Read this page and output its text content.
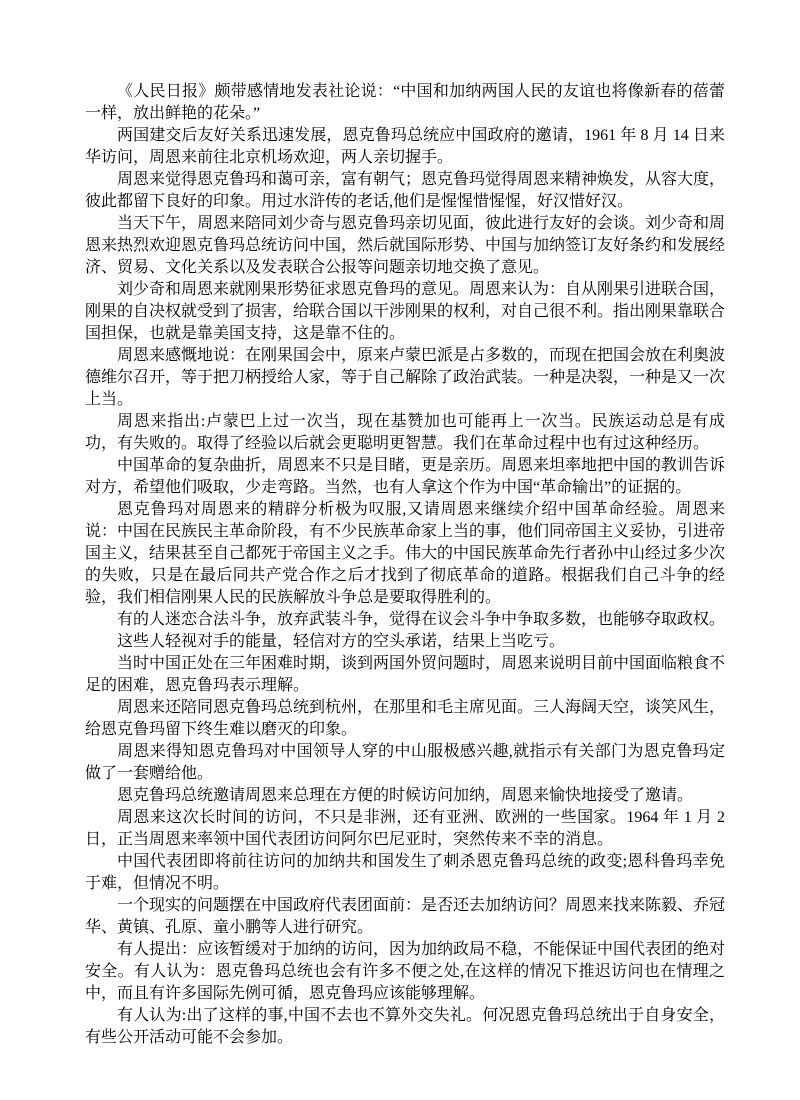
《人民日报》颇带感情地发表社论说：“中国和加纳两国人民的友谊也将像新春的蓓蕾一样，放出鲜艳的花朵。”

两国建交后友好关系迅速发展，恩克鲁玛总统应中国政府的邀请，1961 年 8 月 14 日来华访问，周恩来前往北京机场欢迎，两人亲切握手。

周恩来觉得恩克鲁玛和蔼可亲，富有朝气；恩克鲁玛觉得周恩来精神焕发，从容大度，彼此都留下良好的印象。用过水浒传的老话,他们是惺惺惜惺惺，好汉惜好汉。

当天下午，周恩来陪同刘少奇与恩克鲁玛亲切见面，彼此进行友好的会谈。刘少奇和周恩来热烈欢迎恩克鲁玛总统访问中国，然后就国际形势、中国与加纳签订友好条约和发展经济、贸易、文化关系以及发表联合公报等问题亲切地交换了意见。

刘少奇和周恩来就刚果形势征求恩克鲁玛的意见。周恩来认为：自从刚果引进联合国，刚果的自决权就受到了损害，给联合国以干涉刚果的权利，对自己很不利。指出刚果靠联合国担保，也就是靠美国支持，这是靠不住的。

周恩来感慨地说：在刚果国会中，原来卢蒙巴派是占多数的，而现在把国会放在利奥波德维尔召开，等于把刀柄授给人家，等于自己解除了政治武装。一种是决裂，一种是又一次上当。

周恩来指出:卢蒙巴上过一次当，现在基赞加也可能再上一次当。民族运动总是有成功，有失败的。取得了经验以后就会更聪明更智慧。我们在革命过程中也有过这种经历。

中国革命的复杂曲折，周恩来不只是目睹，更是亲历。周恩来坦率地把中国的教训告诉对方，希望他们吸取，少走弯路。当然，也有人拿这个作为中国“革命输出”的证据的。

恩克鲁玛对周恩来的精辟分析极为叹服,又请周恩来继续介绍中国革命经验。周恩来说：中国在民族民主革命阶段，有不少民族革命家上当的事，他们同帝国主义妥协，引进帝国主义，结果甚至自己都死于帝国主义之手。伟大的中国民族革命先行者孙中山经过多少次的失败，只是在最后同共产党合作之后才找到了彻底革命的道路。根据我们自己斗争的经验，我们相信刚果人民的民族解放斗争总是要取得胜利的。

有的人迷恋合法斗争，放弃武装斗争，觉得在议会斗争中争取多数，也能够夺取政权。

这些人轻视对手的能量，轻信对方的空头承诺，结果上当吃亏。

当时中国正处在三年困难时期，谈到两国外贸问题时，周恩来说明目前中国面临粮食不足的困难，恩克鲁玛表示理解。

周恩来还陪同恩克鲁玛总统到杭州，在那里和毛主席见面。三人海阔天空，谈笑风生，给恩克鲁玛留下终生难以磨灭的印象。

周恩来得知恩克鲁玛对中国领导人穿的中山服极感兴趣,就指示有关部门为恩克鲁玛定做了一套赠给他。

恩克鲁玛总统邀请周恩来总理在方便的时候访问加纳，周恩来愉快地接受了邀请。

周恩来这次长时间的访问，不只是非洲，还有亚洲、欧洲的一些国家。1964 年 1 月 2 日，正当周恩来率领中国代表团访问阿尔巴尼亚时，突然传来不幸的消息。

中国代表团即将前往访问的加纳共和国发生了刺杀恩克鲁玛总统的政变;恩科鲁玛幸免于难，但情况不明。

一个现实的问题摆在中国政府代表团面前：是否还去加纳访问？周恩来找来陈毅、乔冠华、黄镇、孔原、童小鹏等人进行研究。

有人提出：应该暂缓对于加纳的访问，因为加纳政局不稳，不能保证中国代表团的绝对安全。有人认为：恩克鲁玛总统也会有许多不便之处,在这样的情况下推迟访问也在情理之中，而且有许多国际先例可循，恩克鲁玛应该能够理解。

有人认为:出了这样的事,中国不去也不算外交失礼。何况恩克鲁玛总统出于自身安全，有些公开活动可能不会参加。
